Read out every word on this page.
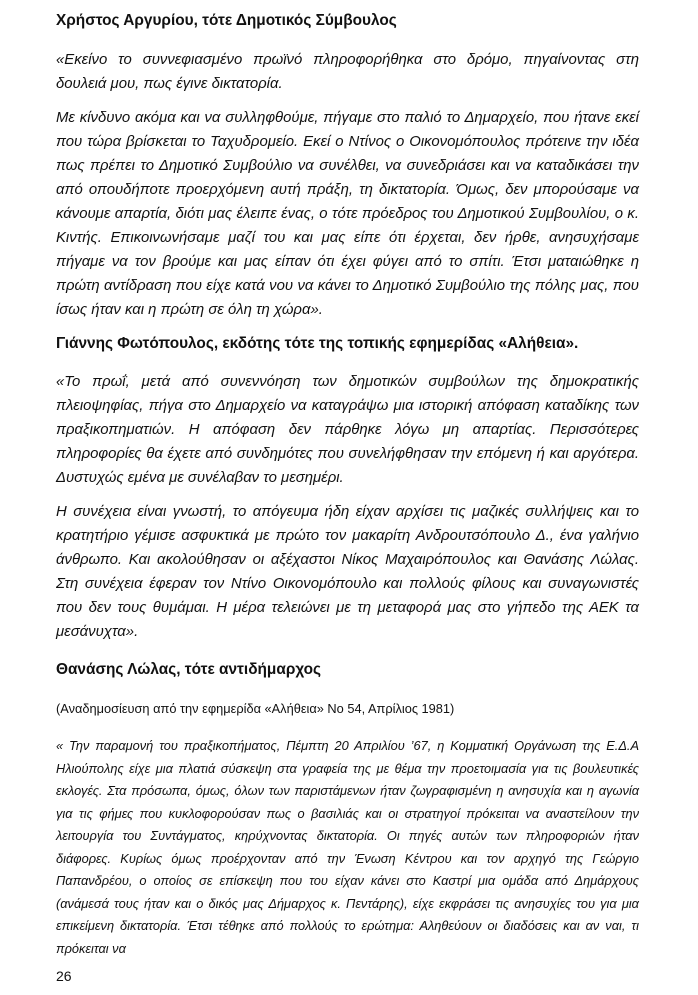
Χρήστος Αργυρίου, τότε Δημοτικός Σύμβουλος

«Εκείνο το συννεφιασμένο πρωϊνό πληροφορήθηκα στο δρόμο, πηγαίνοντας στη δουλειά μου, πως έγινε δικτατορία.

Με κίνδυνο ακόμα και να συλληφθούμε, πήγαμε στο παλιό το Δημαρχείο, που ήτανε εκεί που τώρα βρίσκεται το Ταχυδρομείο. Εκεί ο Ντίνος ο Οικονομόπουλος πρότεινε την ιδέα πως πρέπει το Δημοτικό Συμβούλιο να συνέλθει, να συνεδριάσει και να καταδικάσει την από οπουδήποτε προερχόμενη αυτή πράξη, τη δικτατορία. Όμως, δεν μπορούσαμε να κάνουμε απαρτία, διότι μας έλειπε ένας, ο τότε πρόεδρος του Δημοτικού Συμβουλίου, ο κ. Κιντής. Επικοινωνήσαμε μαζί του και μας είπε ότι έρχεται, δεν ήρθε, ανησυχήσαμε πήγαμε να τον βρούμε και μας είπαν ότι έχει φύγει από το σπίτι. Έτσι ματαιώθηκε η πρώτη αντίδραση που είχε κατά νου να κάνει το Δημοτικό Συμβούλιο της πόλης μας, που ίσως ήταν και η πρώτη σε όλη τη χώρα».

Γιάννης Φωτόπουλος, εκδότης τότε της τοπικής εφημερίδας «Αλήθεια».

«Το πρωΐ, μετά από συνεννόηση των δημοτικών συμβούλων της δημοκρατικής πλειοψηφίας, πήγα στο Δημαρχείο να καταγράψω μια ιστορική απόφαση καταδίκης των πραξικοπηματιών. Η απόφαση δεν πάρθηκε λόγω μη απαρτίας. Περισσότερες πληροφορίες θα έχετε από συνδημότες που συνελήφθησαν την επόμενη ή και αργότερα. Δυστυχώς εμένα με συνέλαβαν το μεσημέρι.

Η συνέχεια είναι γνωστή, το απόγευμα ήδη είχαν αρχίσει τις μαζικές συλλήψεις και το κρατητήριο γέμισε ασφυκτικά με πρώτο τον μακαρίτη Ανδρουτσόπουλο Δ., ένα γαλήνιο άνθρωπο. Και ακολούθησαν οι αξέχαστοι Νίκος Μαχαιρόπουλος και Θανάσης Λώλας. Στη συνέχεια έφεραν τον Ντίνο Οικονομόπουλο και πολλούς φίλους και συναγωνιστές που δεν τους θυμάμαι. Η μέρα τελειώνει με τη μεταφορά μας στο γήπεδο της ΑΕΚ τα μεσάνυχτα».

Θανάσης Λώλας, τότε αντιδήμαρχος

(Αναδημοσίευση από την εφημερίδα «Αλήθεια» Νο 54, Απρίλιος 1981)

« Την παραμονή του πραξικοπήματος, Πέμπτη 20 Απριλίου ’67, η Κομματική Οργάνωση της Ε.Δ.Α Ηλιούπολης είχε μια πλατιά σύσκεψη στα γραφεία της με θέμα την προετοιμασία για τις βουλευτικές εκλογές. Στα πρόσωπα, όμως, όλων των παριστάμενων ήταν ζωγραφισμένη η ανησυχία και η αγωνία για τις φήμες που κυκλοφορούσαν πως ο βασιλιάς και οι στρατηγοί πρόκειται να αναστείλουν την λειτουργία του Συντάγματος, κηρύχνοντας δικτατορία. Οι πηγές αυτών των πληροφοριών ήταν διάφορες. Κυρίως όμως προέρχονταν από την Ένωση Κέντρου και τον αρχηγό της Γεώργιο Παπανδρέου, ο οποίος σε επίσκεψη που του είχαν κάνει στο Καστρί μια ομάδα από Δημάρχους (ανάμεσά τους ήταν και ο δικός μας Δήμαρχος κ. Πεντάρης), είχε εκφράσει τις ανησυχίες του για μια επικείμενη δικτατορία. Έτσι τέθηκε από πολλούς το ερώτημα: Αληθεύουν οι διαδόσεις και αν ναι, τι πρόκειται να

26
